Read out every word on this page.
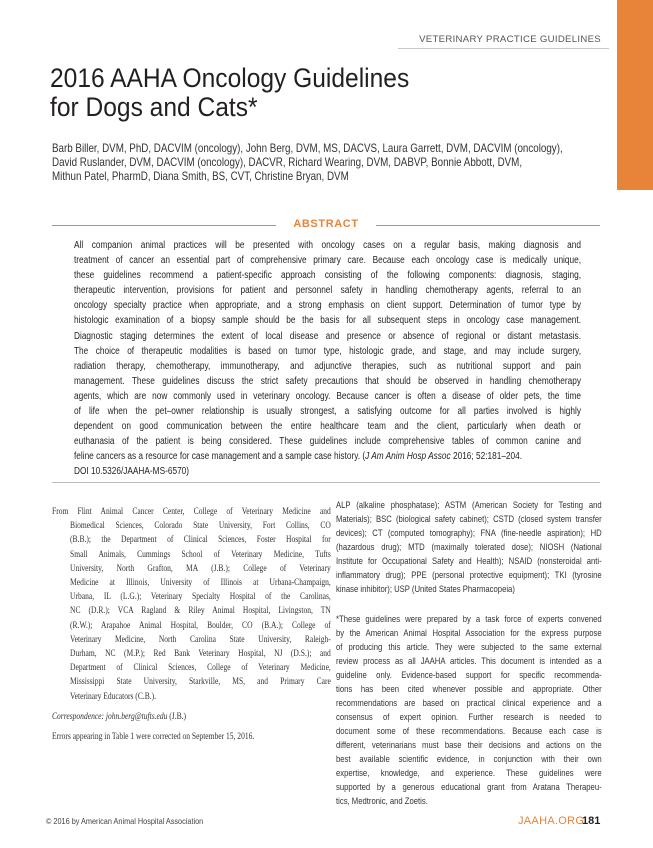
VETERINARY PRACTICE GUIDELINES
2016 AAHA Oncology Guidelines
for Dogs and Cats*

Barb Biller, DVM, PhD, DACVIM (oncology), John Berg, DVM, MS, DACVS, Laura Garrett, DVM, DACVIM (oncology),
David Ruslander, DVM, DACVIM (oncology), DACVR, Richard Wearing, DVM, DABVP, Bonnie Abbott, DVM,
Mithun Patel, PharmD, Diana Smith, BS, CVT, Christine Bryan, DVM

ABSTRACT

All companion animal practices will be presented with oncology cases on a regular basis, making diagnosis and
treatment of cancer an essential part of comprehensive primary care. Because each oncology case is medically unique,
these guidelines recommend a patient-specific approach consisting of the following components: diagnosis, staging,
therapeutic intervention, provisions for patient and personnel safety in handling chemotherapy agents, referral to an
oncology specialty practice when appropriate, and a strong emphasis on client support. Determination of tumor type by
histologic examination of a biopsy sample should be the basis for all subsequent steps in oncology case management.
Diagnostic staging determines the extent of local disease and presence or absence of regional or distant metastasis.
The choice of therapeutic modalities is based on tumor type, histologic grade, and stage, and may include surgery,
radiation therapy, chemotherapy, immunotherapy, and adjunctive therapies, such as nutritional support and pain
management. These guidelines discuss the strict safety precautions that should be observed in handling chemotherapy
agents, which are now commonly used in veterinary oncology. Because cancer is often a disease of older pets, the time
of life when the pet–owner relationship is usually strongest, a satisfying outcome for all parties involved is highly
dependent on good communication between the entire healthcare team and the client, particularly when death or
euthanasia of the patient is being considered. These guidelines include comprehensive tables of common canine and
feline cancers as a resource for case management and a sample case history. (J Am Anim Hosp Assoc 2016; 52:181–204.
DOI 10.5326/JAAHA-MS-6570)

From Flint Animal Cancer Center, College of Veterinary Medicine and
Biomedical Sciences, Colorado State University, Fort Collins, CO
(B.B.); the Department of Clinical Sciences, Foster Hospital for
Small Animals, Cummings School of Veterinary Medicine, Tufts
University, North Grafton, MA (J.B.); College of Veterinary
Medicine at Illinois, University of Illinois at Urbana-Champaign,
Urbana, IL (L.G.); Veterinary Specialty Hospital of the Carolinas,
NC (D.R.); VCA Ragland & Riley Animal Hospital, Livingston, TN
(R.W.); Arapahoe Animal Hospital, Boulder, CO (B.A.); College of
Veterinary Medicine, North Carolina State University, Raleigh-
Durham, NC (M.P.); Red Bank Veterinary Hospital, NJ (D.S.); and
Department of Clinical Sciences, College of Veterinary Medicine,
Mississippi State University, Starkville, MS, and Primary Care
Veterinary Educators (C.B.).
Correspondence: john.berg@tufts.edu (J.B.)
Errors appearing in Table 1 were corrected on September 15, 2016.
ALP (alkaline phosphatase); ASTM (American Society for Testing and
Materials); BSC (biological safety cabinet); CSTD (closed system transfer
devices); CT (computed tomography); FNA (fine-needle aspiration); HD
(hazardous drug); MTD (maximally tolerated dose); NIOSH (National
Institute for Occupational Safety and Health); NSAID (nonsteroidal anti-
inflammatory drug); PPE (personal protective equipment); TKI (tyrosine
kinase inhibitor); USP (United States Pharmacopeia)
*These guidelines were prepared by a task force of experts convened
by the American Animal Hospital Association for the express purpose
of producing this article. They were subjected to the same external
review process as all JAAHA articles. This document is intended as a
guideline only. Evidence-based support for specific recommenda-
tions has been cited whenever possible and appropriate. Other
recommendations are based on practical clinical experience and a
consensus of expert opinion. Further research is needed to
document some of these recommendations. Because each case is
different, veterinarians must base their decisions and actions on the
best available scientific evidence, in conjunction with their own
expertise, knowledge, and experience. These guidelines were
supported by a generous educational grant from Aratana Therapeu-
tics, Medtronic, and Zoetis.
© 2016 by American Animal Hospital Association	JAAHA.ORG
181
